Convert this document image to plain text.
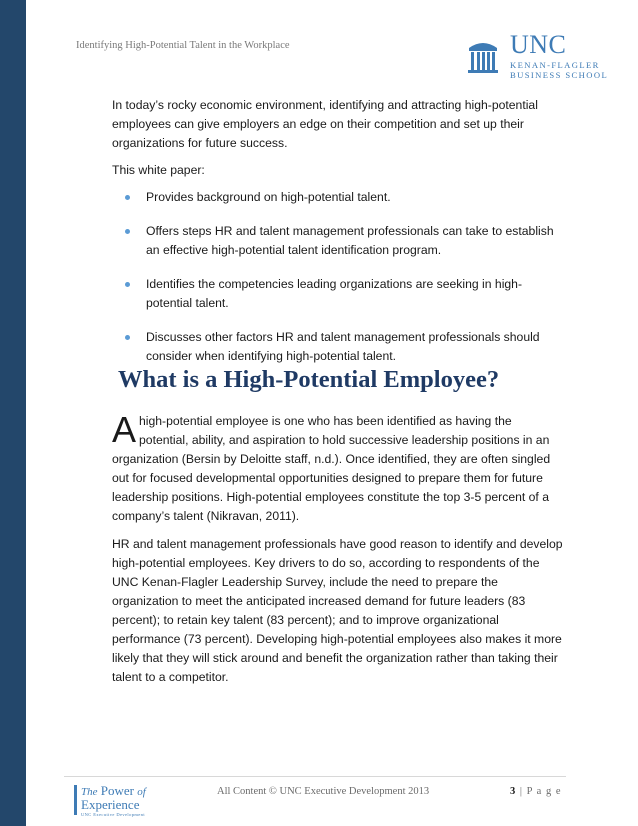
Identifying High-Potential Talent in the Workplace	UNC
KENAN-FLAGLER
BUSINESS SCHOOL

In today’s rocky economic environment, identifying and attracting high-potential employees can give employers an edge on their competition and set up their organizations for future success.

This white paper:

Provides background on high-potential talent.
Offers steps HR and talent management professionals can take to establish an effective high-potential talent identification program.
Identifies the competencies leading organizations are seeking in high-potential talent.
Discusses other factors HR and talent management professionals should consider when identifying high-potential talent.
What is a High-Potential Employee?

Ahigh-potential employee is one who has been identified as having the potential, ability, and aspiration to hold successive leadership positions in an organization (Bersin by Deloitte staff, n.d.). Once identified, they are often singled out for focused developmental opportunities designed to prepare them for future leadership positions. High-potential employees constitute the top 3-5 percent of a company’s talent (Nikravan, 2011).

HR and talent management professionals have good reason to identify and develop high-potential employees. Key drivers to do so, according to respondents of the UNC Kenan-Flagler Leadership Survey, include the need to prepare the organization to meet the anticipated increased demand for future leaders (83 percent); to retain key talent (83 percent); and to improve organizational performance (73 percent). Developing high-potential employees also makes it more likely that they will stick around and benefit the organization rather than taking their talent to a competitor.

The Power of
Experience
UNC Executive Development
All Content © UNC Executive Development 2013	3 | P a g e
